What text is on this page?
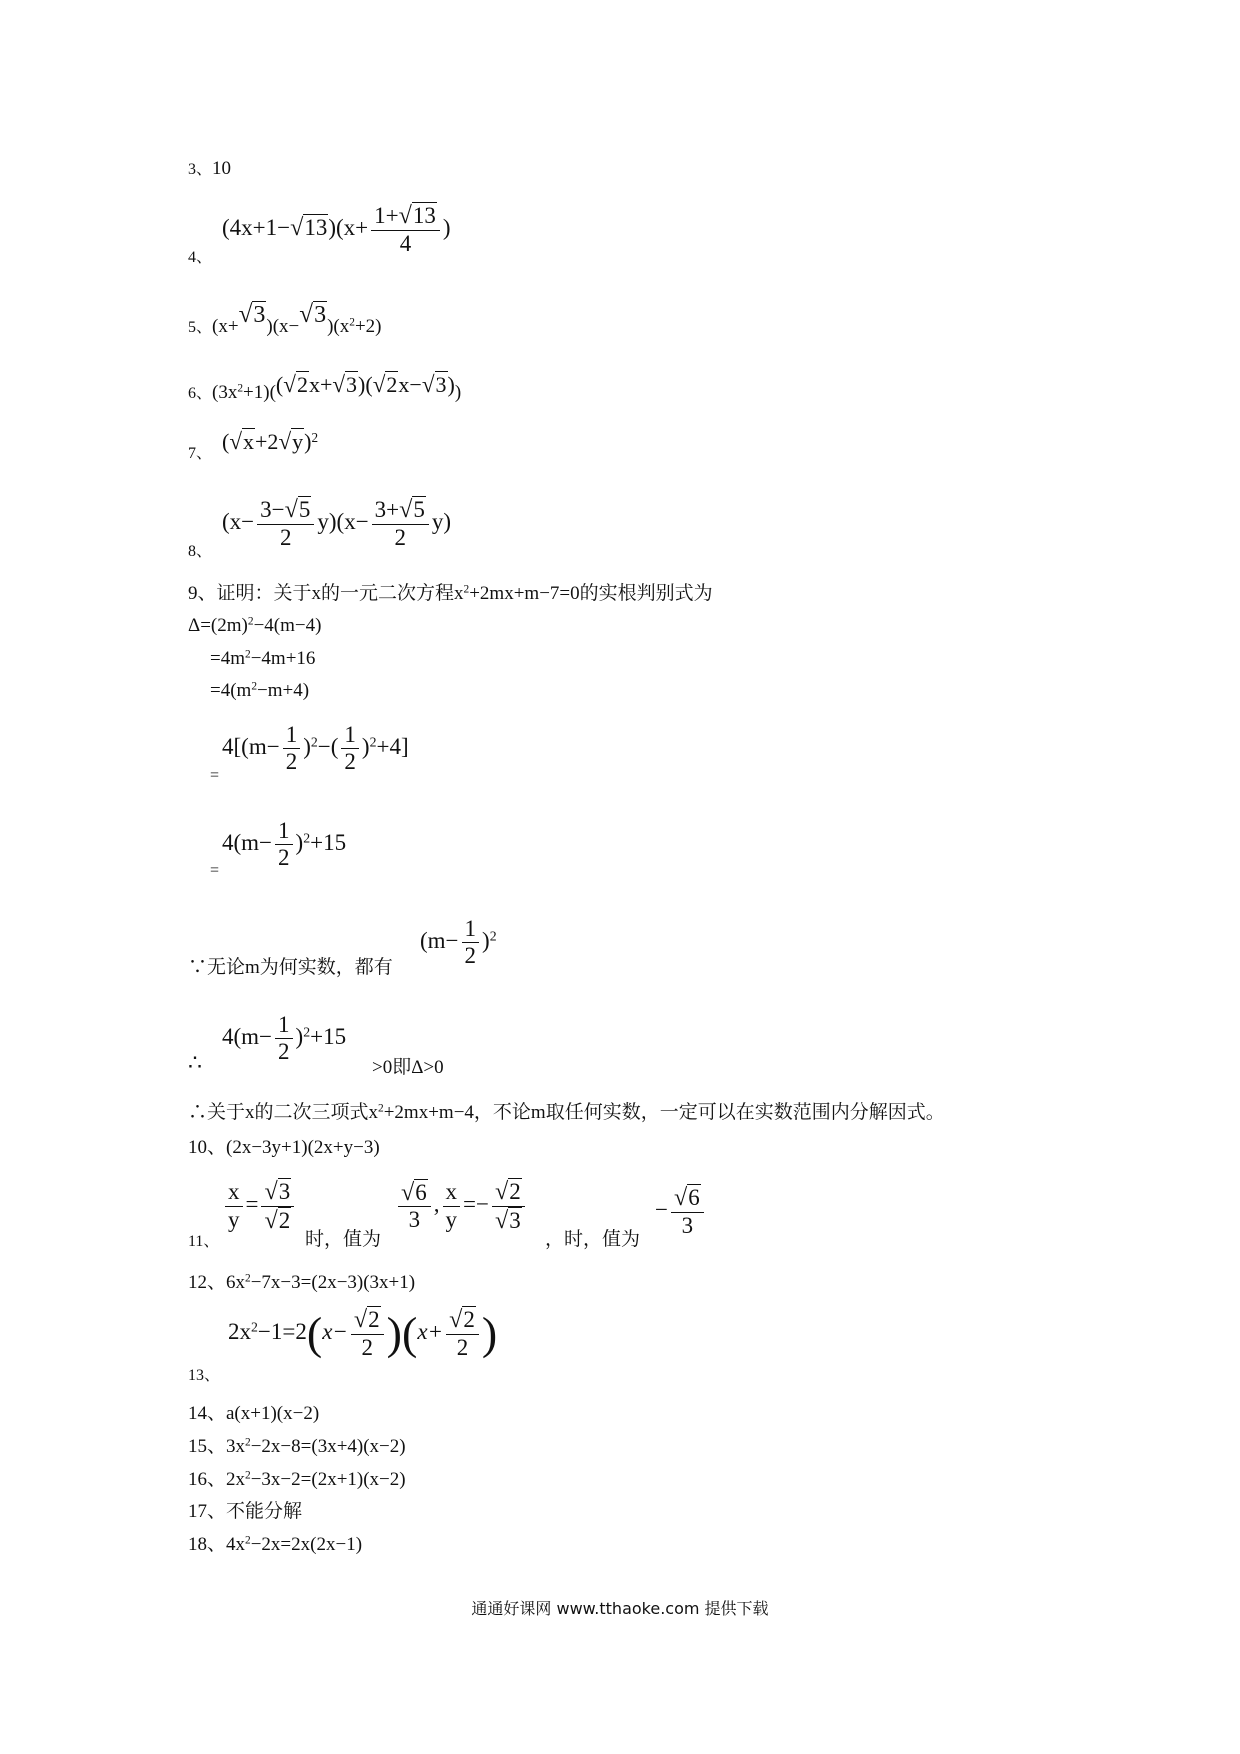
3、10
4、
$(4x+1-√13)(x+ \frac{1+√13}{4}$ )
5、$(x+√3)(x-√3)(x^2+2)$
6、$(3x^2+1)((√2x+√3)(√2x-√3))$
7、 $(√x+2√y)^2$
8、
$(x- \frac{3-√5}{2} y)(x- \frac{3+√5}{2} y)$
9、证明：关于x的一元二次方程$x^2+2mx+m-7=0$的实根判别式为
$\Delta=(2m)^2-4(m-4)$
$=4m^2-4m+16$
$=4(m^2-m+4)$
=
$4[(m- \frac{1}{2} )^2-( \frac{1}{2} )^2+4]$
=
$4(m- \frac{1}{2} )^2+15$
∵无论m为何实数，都有
$(m- \frac{1}{2} )^2$
∴
$4(m- \frac{1}{2} )^2+15$
>0即Δ>0
∴关于x的二次三项式$x^2+2mx+m-4$，不论m取任何实数，一定可以在实数范围内分解因式。
10、(2x−3y+1)(2x+y−3)
11、
$\frac{x}{y} = \frac{√3}{√2}$
时，值为
$\frac{√6}{3}$ , $\frac{x}{y} =- \frac{√2}{√3}$
，时，值为
− $\frac{√6}{3}$
12、$6x^2-7x-3=(2x-3)(3x+1)$
13、
$2x^2-1=2(x- \frac{√2}{2} )(x+ \frac{√2}{2}$ )
14、a(x+1)(x−2)
15、$3x^2-2x-8=(3x+4)(x-2)$
16、$2x^2-3x-2=(2x+1)(x-2)$
17、不能分解
18、$4x^2-2x=2x(2x-1)$
通通好课网 www.tthaoke.com 提供下载
